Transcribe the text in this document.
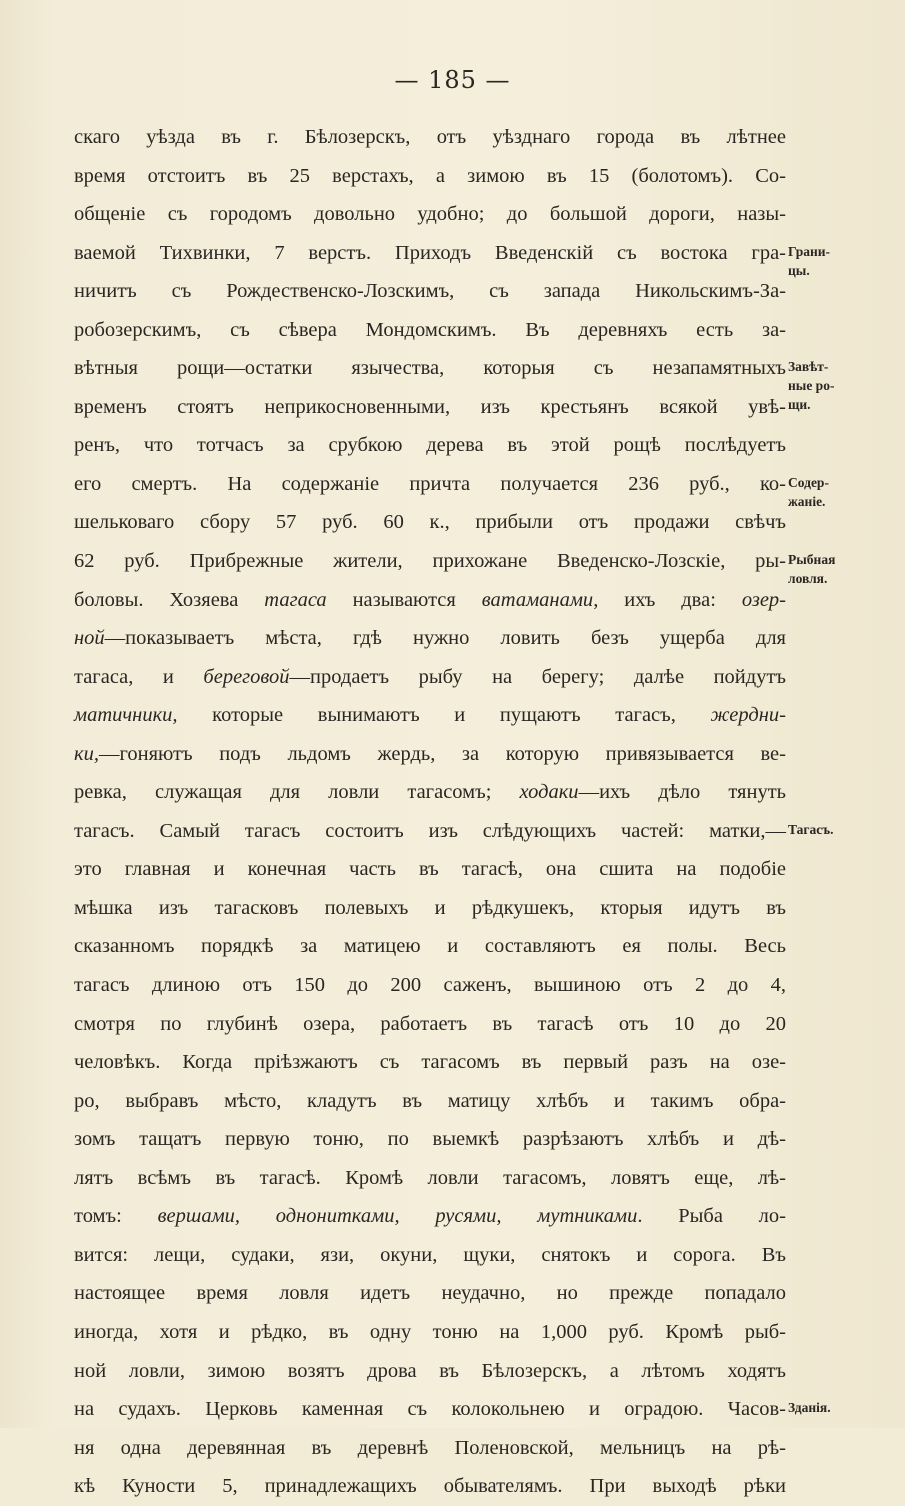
— 185 —
скаго уѣзда въ г. Бѣлозерскъ, отъ уѣзднаго города въ лѣтнее
время отстоитъ въ 25 верстахъ, а зимою въ 15 (болотомъ). Со-
общеніе съ городомъ довольно удобно; до большой дороги, назы-
ваемой Тихвинки, 7 верстъ. Приходъ Введенскій съ востока гра-
ничитъ съ Рождественско-Лозскимъ, съ запада Никольскимъ-За-
робозерскимъ, съ сѣвера Мондомскимъ. Въ деревняхъ есть за-
вѣтныя рощи—остатки язычества, которыя съ незапамятныхъ
временъ стоятъ неприкосновенными, изъ крестьянъ всякой увѣ-
ренъ, что тотчасъ за срубкою дерева въ этой рощѣ послѣдуетъ
его смертъ. На содержаніе причта получается 236 руб., ко-
шельковаго сбору 57 руб. 60 к., прибыли отъ продажи свѣчъ
62 руб. Прибрежные жители, прихожане Введенско-Лозскіе, ры-
боловы. Хозяева тагаса называются ватаманами, ихъ два: озер-
ной—показываетъ мѣста, гдѣ нужно ловить безъ ущерба для
тагаса, и береговой—продаетъ рыбу на берегу; далѣе пойдутъ
матичники, которые вынимаютъ и пущаютъ тагасъ, жердни-
ки,—гоняютъ подъ льдомъ жердь, за которую привязывается ве-
ревка, служащая для ловли тагасомъ; ходаки—ихъ дѣло тянуть
тагасъ. Самый тагасъ состоитъ изъ слѣдующихъ частей: матки,—
это главная и конечная часть въ тагасѣ, она сшита на подобіе
мѣшка изъ тагасковъ полевыхъ и рѣдкушекъ, кторыя идутъ въ
сказанномъ порядкѣ за матицею и составляютъ ея полы. Весь
тагасъ длиною отъ 150 до 200 саженъ, вышиною отъ 2 до 4,
смотря по глубинѣ озера, работаетъ въ тагасѣ отъ 10 до 20
человѣкъ. Когда пріѣзжаютъ съ тагасомъ въ первый разъ на озе-
ро, выбравъ мѣсто, кладутъ въ матицу хлѣбъ и такимъ обра-
зомъ тащатъ первую тоню, по выемкѣ разрѣзаютъ хлѣбъ и дѣ-
лятъ всѣмъ въ тагасѣ. Кромѣ ловли тагасомъ, ловятъ еще, лѣ-
томъ: вершами, однонитками, русями, мутниками. Рыба ло-
вится: лещи, судаки, язи, окуни, щуки, снятокъ и сорога. Въ
настоящее время ловля идетъ неудачно, но прежде попадало
иногда, хотя и рѣдко, въ одну тоню на 1,000 руб. Кромѣ рыб-
ной ловли, зимою возятъ дрова въ Бѣлозерскъ, а лѣтомъ ходятъ
на судахъ. Церковь каменная съ колокольнею и оградою. Часов-
ня одна деревянная въ деревнѣ Поленовской, мельницъ на рѣ-
кѣ Куности 5, принадлежащихъ обывателямъ. При выходѣ рѣки
Грани-
цы.
Завѣт-
ные ро-
щи.
Содер-
жаніе.
Рыбная
ловля.
Тагасъ.
Зданія.
